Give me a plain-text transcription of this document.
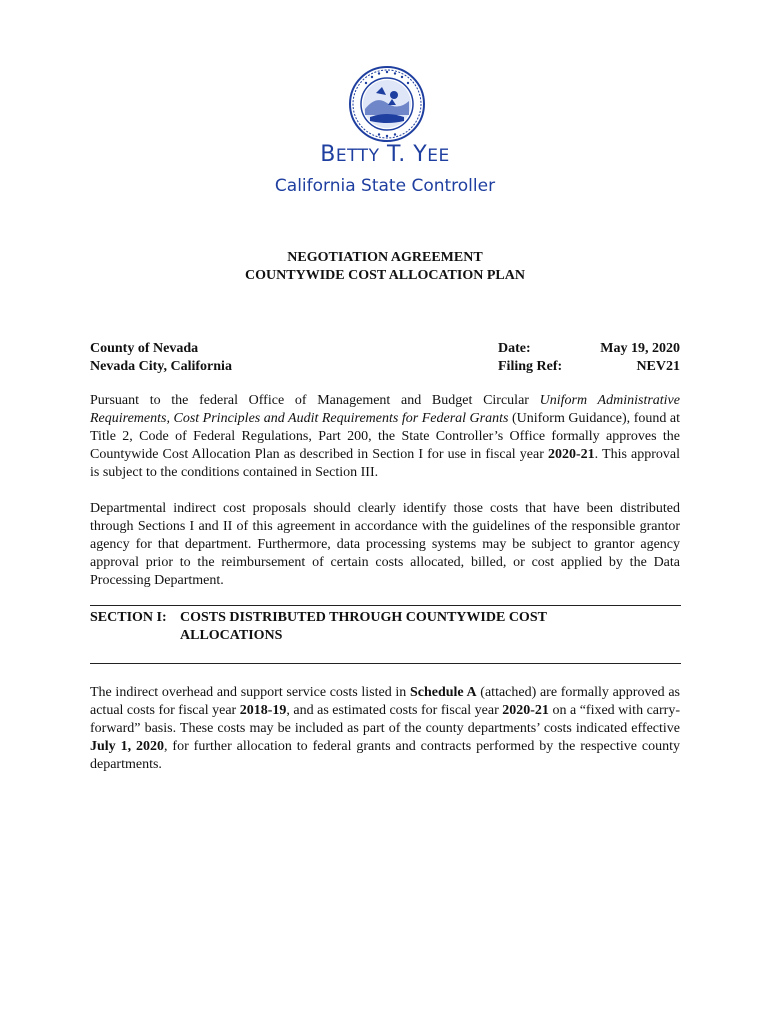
BETTY T. YEE
California State Controller
NEGOTIATION AGREEMENT
COUNTYWIDE COST ALLOCATION PLAN
County of Nevada
Nevada City, California
Date:	May 19, 2020
Filing Ref:	NEV21
Pursuant to the federal Office of Management and Budget Circular Uniform Administrative Requirements, Cost Principles and Audit Requirements for Federal Grants (Uniform Guidance), found at Title 2, Code of Federal Regulations, Part 200, the State Controller’s Office formally approves the Countywide Cost Allocation Plan as described in Section I for use in fiscal year 2020-21. This approval is subject to the conditions contained in Section III.
Departmental indirect cost proposals should clearly identify those costs that have been distributed through Sections I and II of this agreement in accordance with the guidelines of the responsible grantor agency for that department. Furthermore, data processing systems may be subject to grantor agency approval prior to the reimbursement of certain costs allocated, billed, or cost applied by the Data Processing Department.
SECTION I: COSTS DISTRIBUTED THROUGH COUNTYWIDE COST ALLOCATIONS
The indirect overhead and support service costs listed in Schedule A (attached) are formally approved as actual costs for fiscal year 2018-19, and as estimated costs for fiscal year 2020-21 on a “fixed with carry-forward” basis. These costs may be included as part of the county departments’ costs indicated effective July 1, 2020, for further allocation to federal grants and contracts performed by the respective county departments.
